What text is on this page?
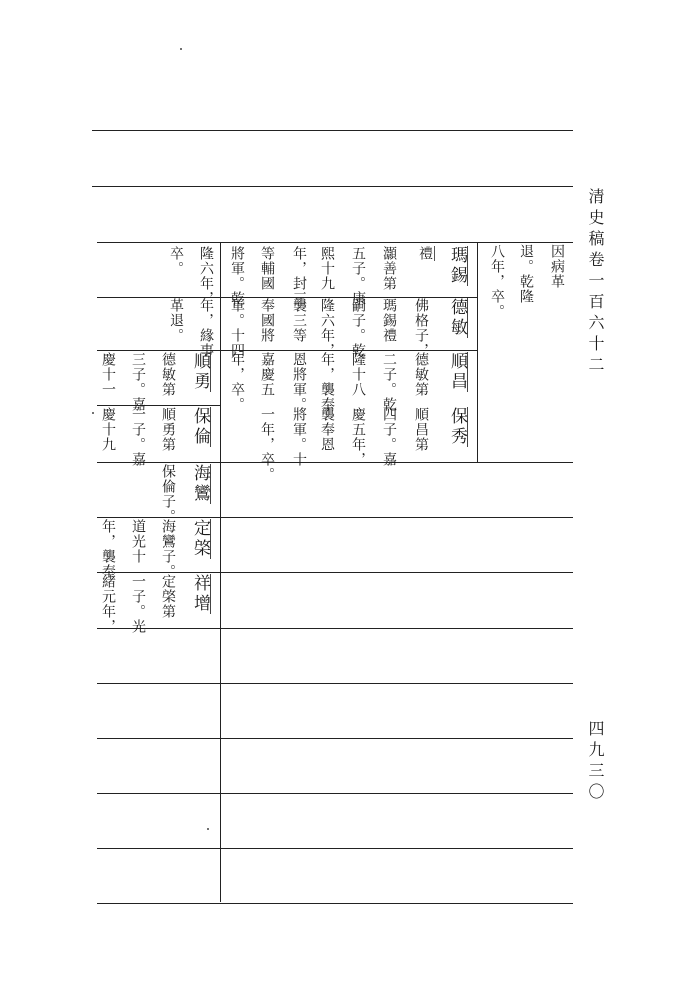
清史稿卷一百六十二
四九三〇
因病革
退。乾隆
八年，卒。
瑪錫
禮
灝善第
五子。康
熙十九
年，封三
等輔國
將軍。乾
隆六年，
卒。
德敏
佛格子，
瑪錫禮
嗣子。乾
隆六年，
襲三等
奉國將
軍。十四
年，緣事
革退。
順昌
德敏第
二子。乾
隆十八
年，襲奉
恩將軍。
嘉慶五
年，卒。
保秀
順昌第
四子。嘉
慶五年，
襲奉恩
將軍。十
一年，卒。
順勇
德敏第
三子。嘉
慶十一
保倫
順勇第
一子。嘉
慶十九
海鸞
保倫子。
定棨
海鸞子。
道光十
年，襲奉
祥增
定棨第
一子。光
緒元年，
